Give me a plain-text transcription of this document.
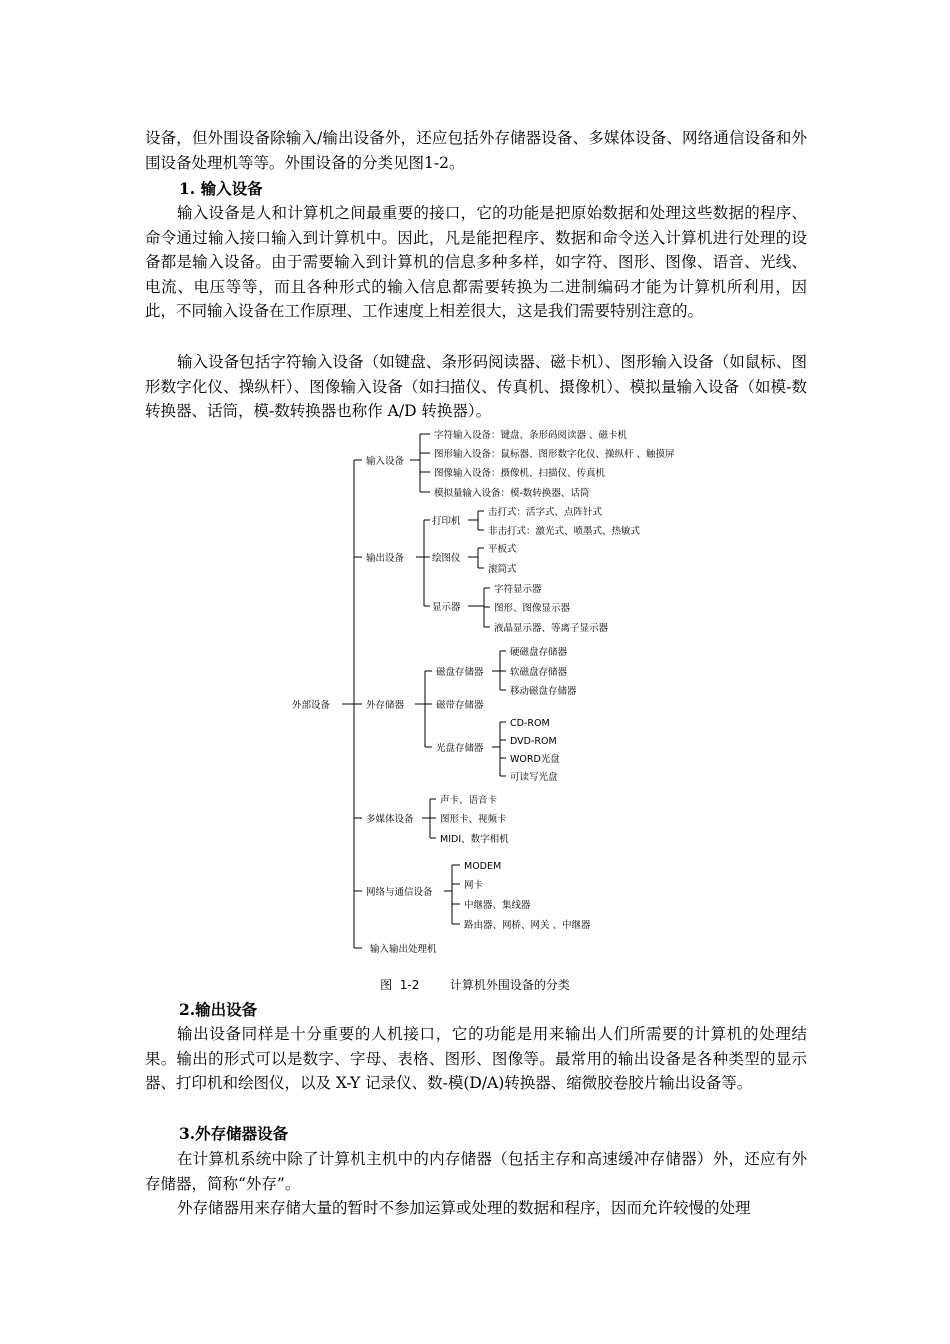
设备，但外围设备除输入/输出设备外，还应包括外存储器设备、多媒体设备、网络通信设备和外围设备处理机等等。外围设备的分类见图1-2。

1. 输入设备

输入设备是人和计算机之间最重要的接口，它的功能是把原始数据和处理这些数据的程序、命令通过输入接口输入到计算机中。因此，凡是能把程序、数据和命令送入计算机进行处理的设备都是输入设备。由于需要输入到计算机的信息多种多样，如字符、图形、图像、语音、光线、电流、电压等等，而且各种形式的输入信息都需要转换为二进制编码才能为计算机所利用，因此，不同输入设备在工作原理、工作速度上相差很大，这是我们需要特别注意的。

输入设备包括字符输入设备（如键盘、条形码阅读器、磁卡机）、图形输入设备（如鼠标、图形数字化仪、操纵杆）、图像输入设备（如扫描仪、传真机、摄像机）、模拟量输入设备（如模-数转换器、话筒，模-数转换器也称作 A/D 转换器）。

外部设备
输入设备
字符输入设备：键盘、条形码阅读器 、磁卡机
图形输入设备：鼠标器、图形数字化仪、操纵杆 、触摸屏
图像输入设备：摄像机、扫描仪、传真机
模拟量输入设备：模-数转换器、话筒
输出设备
打印机
击打式：活字式、点阵针式
非击打式：激光式、喷墨式、热敏式
绘图仪
平板式
滚筒式
显示器
字符显示器
图形、图像显示器
液晶显示器、等离子显示器
外存储器
磁盘存储器
硬磁盘存储器
软磁盘存储器
移动磁盘存储器
磁带存储器
光盘存储器
CD-ROM
DVD-ROM
WORD光盘
可读写光盘
多媒体设备
声卡、语音卡
图形卡、视频卡
MIDI、数字相机
网络与通信设备
MODEM
网卡
中继器、集线器
路由器、网桥、网关 、中继器
输入输出处理机
图  1-2        计算机外围设备的分类

2.输出设备

输出设备同样是十分重要的人机接口，它的功能是用来输出人们所需要的计算机的处理结果。输出的形式可以是数字、字母、表格、图形、图像等。最常用的输出设备是各种类型的显示器、打印机和绘图仪，以及 X-Y 记录仪、数-模(D/A)转换器、缩微胶卷胶片输出设备等。

3.外存储器设备

在计算机系统中除了计算机主机中的内存储器（包括主存和高速缓冲存储器）外，还应有外存储器，简称“外存”。

外存储器用来存储大量的暂时不参加运算或处理的数据和程序，因而允许较慢的处理
